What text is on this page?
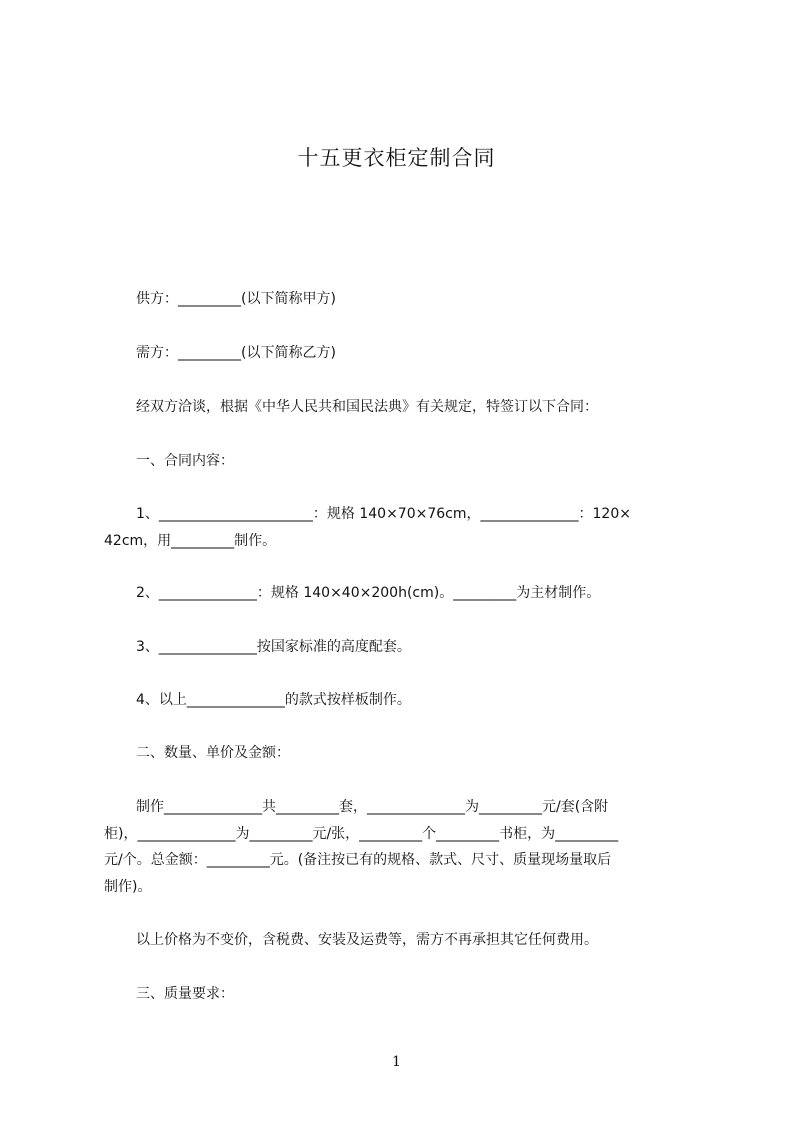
十五更衣柜定制合同
供方：_________(以下简称甲方)
需方：_________(以下简称乙方)
经双方洽谈，根据《中华人民共和国民法典》有关规定，特签订以下合同：
一、合同内容：
1、______________________：规格 140×70×76cm，______________：120×
42cm，用_________制作。
2、______________：规格 140×40×200h(cm)。_________为主材制作。
3、______________按国家标准的高度配套。
4、以上______________的款式按样板制作。
二、数量、单价及金额：
制作______________共_________套，______________为_________元/套(含附
柜)，______________为_________元/张，_________个_________书柜，为_________
元/个。总金额：_________元。(备注按已有的规格、款式、尺寸、质量现场量取后
制作)。
以上价格为不变价，含税费、安装及运费等，需方不再承担其它任何费用。
三、质量要求：
1
